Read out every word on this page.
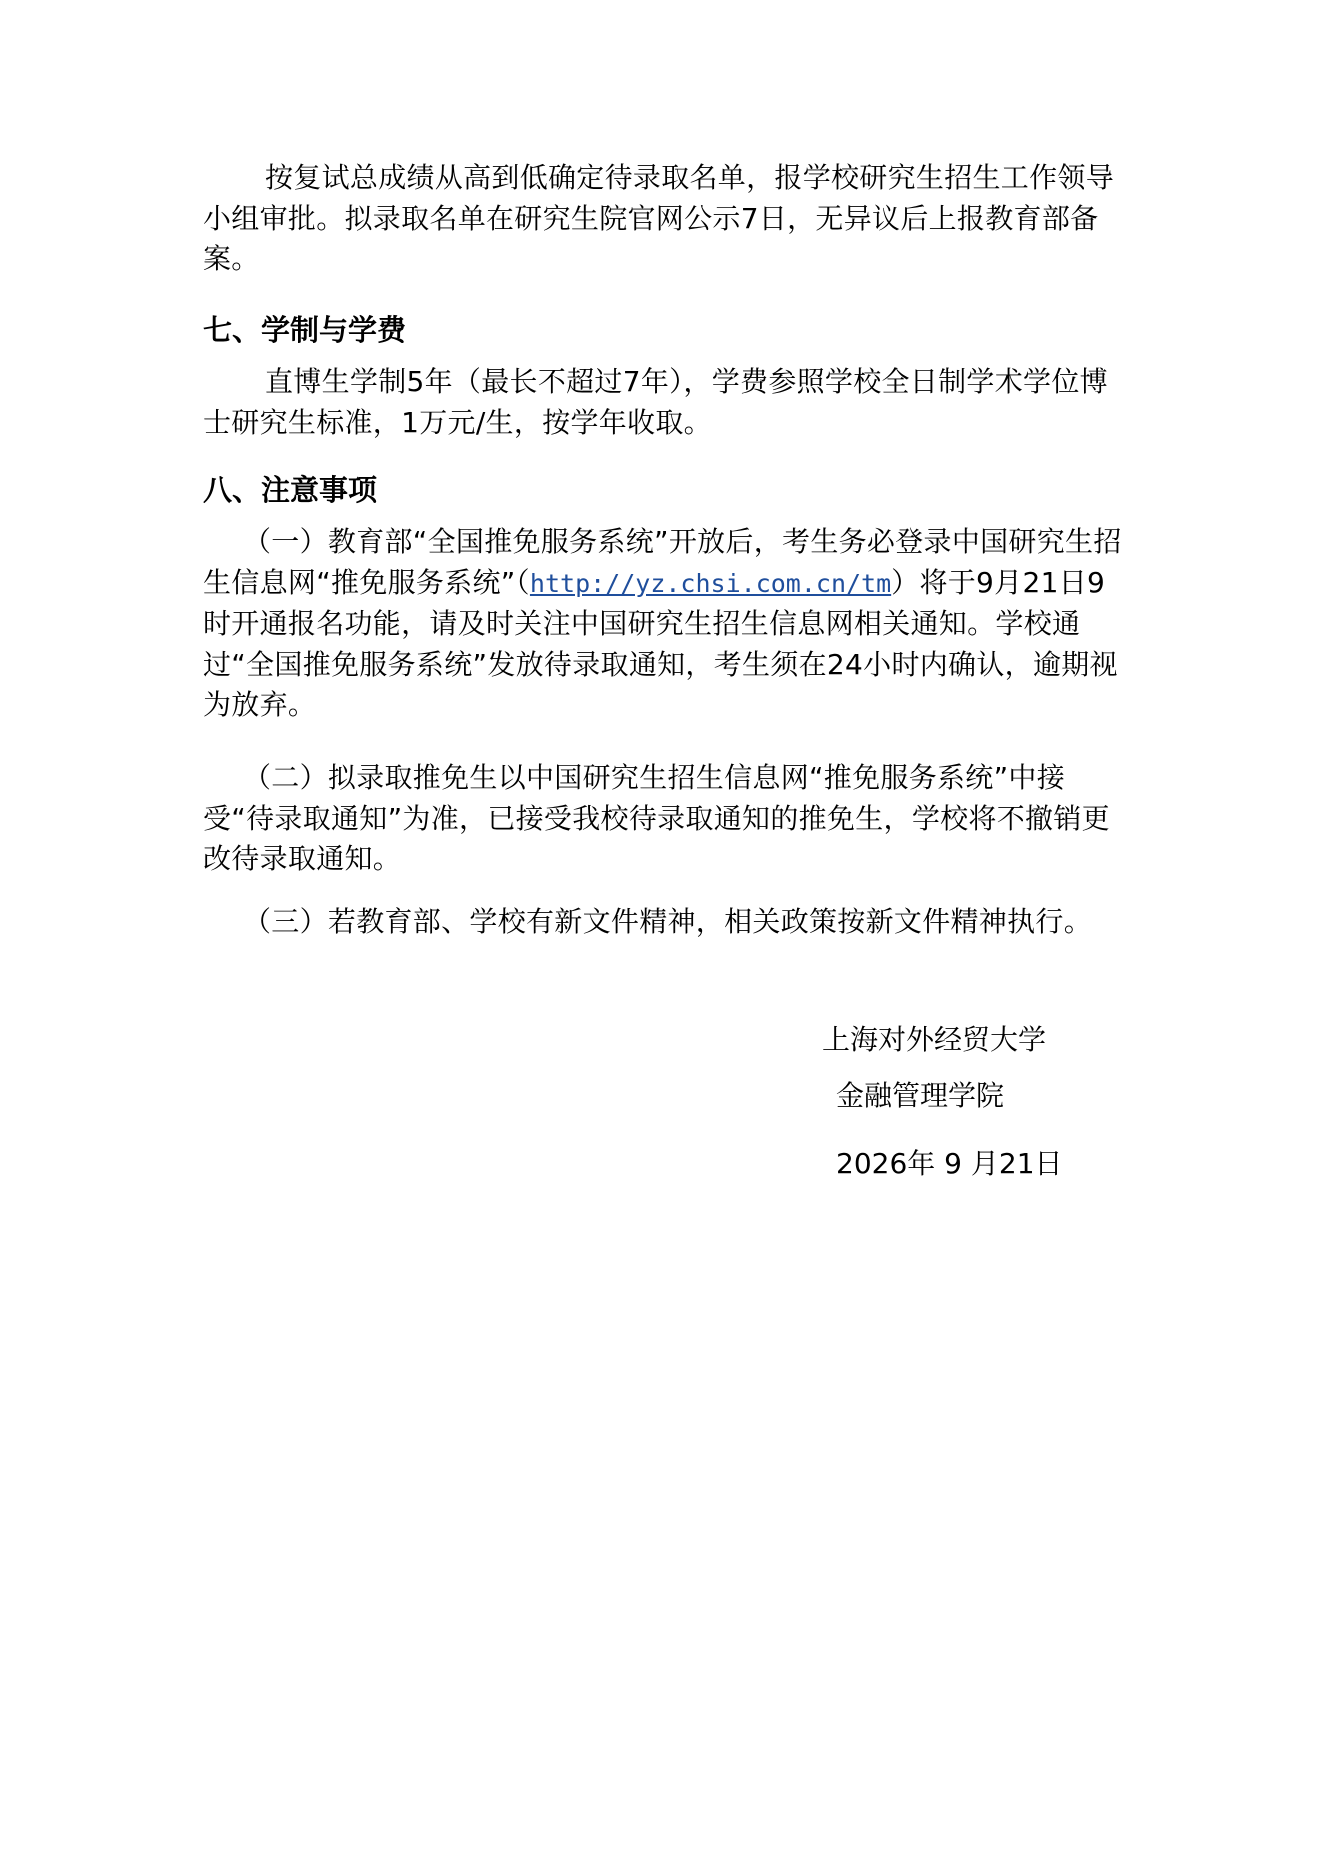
按复试总成绩从高到低确定待录取名单，报学校研究生招生工作领导小组审批。拟录取名单在研究生院官网公示7日，无异议后上报教育部备案。

七、学制与学费

直博生学制5年（最长不超过7年），学费参照学校全日制学术学位博士研究生标准，1万元/生，按学年收取。

八、注意事项

（一）教育部“全国推免服务系统”开放后，考生务必登录中国研究生招生信息网“推免服务系统”（http://yz.chsi.com.cn/tm）将于9月21日9时开通报名功能，请及时关注中国研究生招生信息网相关通知。学校通过“全国推免服务系统”发放待录取通知，考生须在24小时内确认，逾期视为放弃。

（二）拟录取推免生以中国研究生招生信息网“推免服务系统”中接受“待录取通知”为准，已接受我校待录取通知的推免生，学校将不撤销更改待录取通知。

（三）若教育部、学校有新文件精神，相关政策按新文件精神执行。

上海对外经贸大学

金融管理学院

2026年 9 月21日
